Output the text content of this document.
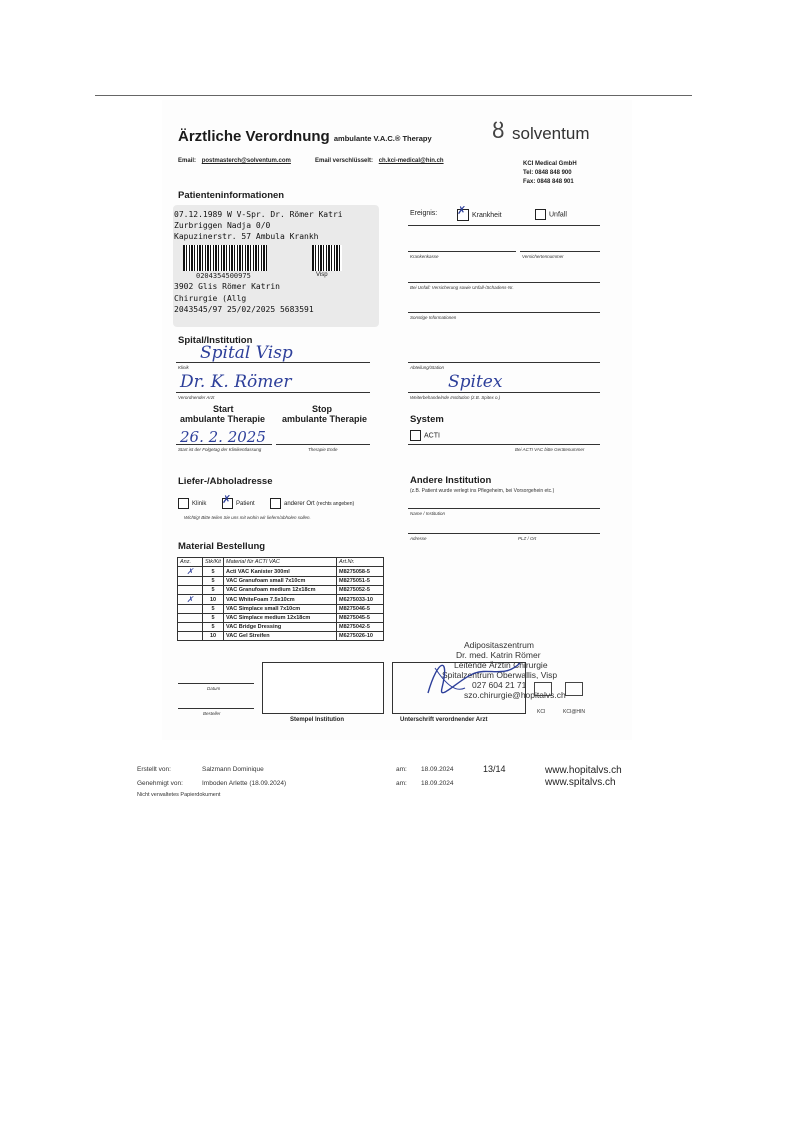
Ärztliche Verordnung ambulante V.A.C.® Therapy	ȣ solventum
Email: postmasterch@solventum.com	Email verschlüsselt: ch.kci-medical@hin.ch	KCI Medical GmbH
Tel: 0848 848 900
Fax: 0848 848 901
Patienteninformationen
07.12.1989 W V-Spr. Dr. Römer Katri
Zurbriggen Nadja 0/0
Kapuzinerstr. 57 Ambula Krankh
0204354500975	Visp
3902 Glis Römer Katrin
Chirurgie (Allg
2043545/97 25/02/2025 5683591
Ereignis: ✗	Krankheit	Unfall
Krankenkasse	Versichertennummer
Bei Unfall: Versicherung sowie Unfall-/Schadens-Nr.
Sonstige Informationen
Abteilung/Station
Spitex
Weiterbehandelnde Institution (z.B. Spitex o.)
System
ACTI
Bei ACTI VAC bitte Gerätenummer
Andere Institution
(z.B. Patient wurde verlegt ins Pflegeheim, bei Vorsorgehein etc.)
Name / Institution
Adresse	PLZ / Ort
Spital/Institution
Spital Visp
Klinik
Dr. K. Römer
Verordnender Arzt
Start
ambulante Therapie
Stop
ambulante Therapie
26. 2. 2025
Start ist der Folgetag der Klinikentlassung	Therapie Ende
Liefer-/Abholadresse
Klinik ✗	Patient	anderer Ort (rechts angeben)
Wichtig! Bitte teilen Sie uns mit wohin wir liefern/abholen sollen.
Material Bestellung
Anz.	Stk/Kit	Material für ACTI VAC	Art.Nr.
✗	5	Acti VAC Kanister 300ml	M8275058-5
	5	VAC Granufoam small 7x10cm	M8275051-5
	5	VAC Granufoam medium 12x18cm	M8275052-5
✗	10	VAC WhiteFoam 7.5x10cm	M6275033-10
	5	VAC Simplace small 7x10cm	M8275046-5
	5	VAC Simplace medium 12x18cm	M8275045-5
	5	VAC Bridge Dressing	M8275042-5
	10	VAC Gel Streifen	M6275026-10
Datum
Besteller
Stempel Institution	Unterschrift verordnender Arzt
Adipositaszentrum
Dr. med. Katrin Römer
Leitende Ärztin Chirurgie
Spitalzentrum Oberwallis, Visp
027 604 21 71
szo.chirurgie@hopitalvs.ch
KCI	KCI@HIN
Erstellt von:	Salzmann Dominique
Genehmigt von:	Imboden Arlette (18.09.2024)
Nicht verwaltetes Papierdokument
am: 18.09.2024
am: 18.09.2024
13/14	www.hopitalvs.ch
www.spitalvs.ch
